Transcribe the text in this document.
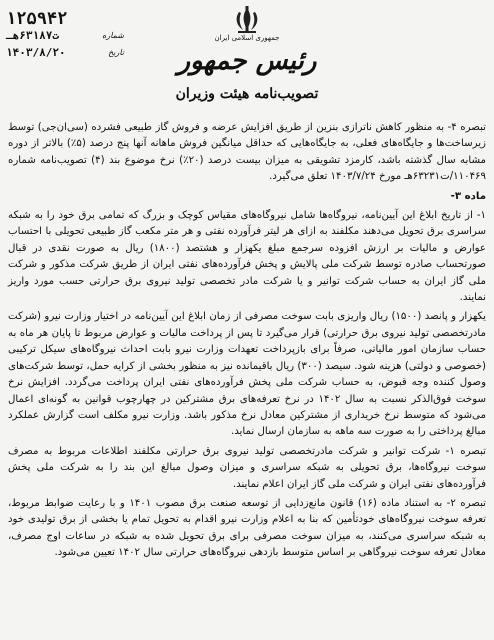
جمهوری اسلامی ایران
رئیس جمهور
تصویب‌نامه هیئت وزیران
۱۲۵۹۴۲
ت۶۳۱۸۷هـ	شماره
۱۴۰۳/۸/۲۰	تاریخ

تبصره ۴- به منظور کاهش ناترازی بنزین از طریق افزایش عرضه و فروش گاز طبیعی فشرده (سی‌ان‌جی) توسط زیرساخت‌ها و جایگاه‌های فعلی، به جایگاه‌هایی که حداقل میانگین فروش ماهانه آنها پنج درصد (۵٪) بالاتر از دوره مشابه سال گذشته باشد، کارمزد تشویقی به میزان بیست درصد (۲۰٪) نرخ موضوع بند (۴) تصویب‌نامه شماره ۱۱۰۴۶۹/ت۶۳۲۳۱هـ مورخ ۱۴۰۳/۷/۲۴ تعلق می‌گیرد.

ماده ۳-

۱- از تاریخ ابلاغ این آیین‌نامه، نیروگاه‌ها شامل نیروگاه‌های مقیاس کوچک و بزرگ که تمامی برق خود را به شبکه سراسری برق تحویل می‌دهند مکلفند به ازای هر لیتر فرآورده نفتی و هر متر مکعب گاز طبیعی تحویلی با احتساب عوارض و مالیات بر ارزش افزوده سرجمع مبلغ یکهزار و هشتصد (۱۸۰۰) ریال به صورت نقدی در قبال صورتحساب صادره توسط شرکت ملی پالایش و پخش فرآورده‌های نفتی ایران از طریق شرکت مذکور و شرکت ملی گاز ایران به حساب شرکت توانیر و یا شرکت مادر تخصصی تولید نیروی برق حرارتی حسب مورد واریز نمایند.

یکهزار و پانصد (۱۵۰۰) ریال واریزی بابت سوخت مصرفی از زمان ابلاغ این آیین‌نامه در اختیار وزارت نیرو (شرکت مادرتخصصی تولید نیروی برق حرارتی) قرار می‌گیرد تا پس از پرداخت مالیات و عوارض مربوط تا پایان هر ماه به حساب سازمان امور مالیاتی، صرفاً برای بازپرداخت تعهدات وزارت نیرو بابت احداث نیروگاه‌های سیکل ترکیبی (خصوصی و دولتی) هزینه شود. سیصد (۳۰۰) ریال باقیمانده نیز به منظور بخشی از کرایه حمل، توسط شرکت‌های وصول کننده وجه قبوض، به حساب شرکت ملی پخش فرآورده‌های نفتی ایران پرداخت می‌گردد. افزایش نرخ سوخت فوق‌الذکر نسبت به سال ۱۴۰۲ در نرخ تعرفه‌های برق مشترکین در چهارچوب قوانین به گونه‌ای اعمال می‌شود که متوسط نرخ خریداری از مشترکین معادل نرخ مذکور باشد. وزارت نیرو مکلف است گزارش عملکرد مبالغ پرداختی را به صورت سه ماهه به سازمان ارسال نماید.

تبصره ۱- شرکت توانیر و شرکت مادرتخصصی تولید نیروی برق حرارتی مکلفند اطلاعات مربوط به مصرف سوخت نیروگاه‌ها، برق تحویلی به شبکه سراسری و میزان وصول مبالغ این بند را به شرکت ملی پخش فرآورده‌های نفتی ایران و شرکت ملی گاز ایران اعلام نمایند.

تبصره ۲- به استناد ماده (۱۶) قانون مانع‌زدایی از توسعه صنعت برق مصوب ۱۴۰۱ و با رعایت ضوابط مربوط، تعرفه سوخت نیروگاه‌های خودتأمین که بنا به اعلام وزارت نیرو اقدام به تحویل تمام یا بخشی از برق تولیدی خود به شبکه سراسری می‌کنند، به میزان سوخت مصرفی برای برق تحویل شده به شبکه در ساعات اوج مصرف، معادل تعرفه سوخت نیروگاهی بر اساس متوسط بازدهی نیروگاه‌های حرارتی سال ۱۴۰۲ تعیین می‌شود.
